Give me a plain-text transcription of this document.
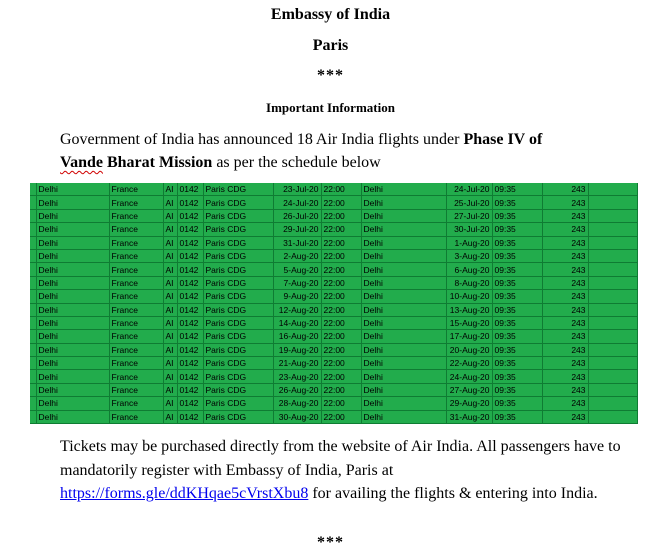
Embassy of India
Paris
***
Important Information
Government of India has announced 18 Air India flights under Phase IV of
Vande Bharat Mission as per the schedule below
	Delhi	France	AI	0142	Paris CDG	23-Jul-20	22:00	Delhi	24-Jul-20	09:35	243	
	Delhi	France	AI	0142	Paris CDG	24-Jul-20	22:00	Delhi	25-Jul-20	09:35	243	
	Delhi	France	AI	0142	Paris CDG	26-Jul-20	22:00	Delhi	27-Jul-20	09:35	243	
	Delhi	France	AI	0142	Paris CDG	29-Jul-20	22:00	Delhi	30-Jul-20	09:35	243	
	Delhi	France	AI	0142	Paris CDG	31-Jul-20	22:00	Delhi	1-Aug-20	09:35	243	
	Delhi	France	AI	0142	Paris CDG	2-Aug-20	22:00	Delhi	3-Aug-20	09:35	243	
	Delhi	France	AI	0142	Paris CDG	5-Aug-20	22:00	Delhi	6-Aug-20	09:35	243	
	Delhi	France	AI	0142	Paris CDG	7-Aug-20	22:00	Delhi	8-Aug-20	09:35	243	
	Delhi	France	AI	0142	Paris CDG	9-Aug-20	22:00	Delhi	10-Aug-20	09:35	243	
	Delhi	France	AI	0142	Paris CDG	12-Aug-20	22:00	Delhi	13-Aug-20	09:35	243	
	Delhi	France	AI	0142	Paris CDG	14-Aug-20	22:00	Delhi	15-Aug-20	09:35	243	
	Delhi	France	AI	0142	Paris CDG	16-Aug-20	22:00	Delhi	17-Aug-20	09:35	243	
	Delhi	France	AI	0142	Paris CDG	19-Aug-20	22:00	Delhi	20-Aug-20	09:35	243	
	Delhi	France	AI	0142	Paris CDG	21-Aug-20	22:00	Delhi	22-Aug-20	09:35	243	
	Delhi	France	AI	0142	Paris CDG	23-Aug-20	22:00	Delhi	24-Aug-20	09:35	243	
	Delhi	France	AI	0142	Paris CDG	26-Aug-20	22:00	Delhi	27-Aug-20	09:35	243	
	Delhi	France	AI	0142	Paris CDG	28-Aug-20	22:00	Delhi	29-Aug-20	09:35	243	
	Delhi	France	AI	0142	Paris CDG	30-Aug-20	22:00	Delhi	31-Aug-20	09:35	243	
Tickets may be purchased directly from the website of Air India. All passengers have to mandatorily register with Embassy of India, Paris at https://forms.gle/ddKHqae5cVrstXbu8 for availing the flights & entering into India.
***
